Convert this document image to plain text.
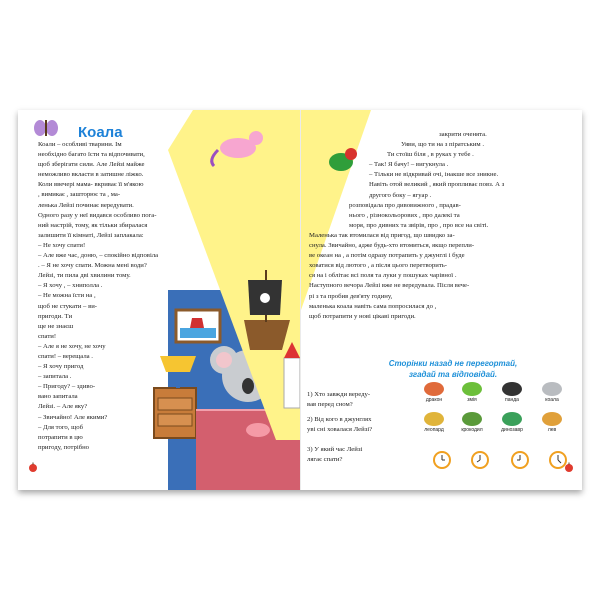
Коала
Коали – особливі тварини. Ім
необхідно багато їсти та відпочивати,
щоб зберігати сили. Але Лейзі майже
неможливо вкласти в затишне ліжко.
Коли ввечері мама- вкриває її м'якою
, вимикає , зашторює та , ма-
ленька Лейзі починає вередувати.
Одного разу у неї видався особливо пога-
ний настрій, тому, як тільки збиралася
залишити її кімнаті, Лейзі заплакала:
– Не хочу спати!
– Але вже час, доню, – спокійно відповіла
. – Я не хочу спати. Можна мені води?
Лейзі, ти пила дві хвилини тому.
– Я хочу , – хниполла .
– Не можна їсти на ,
щоб не стукати – ви-
пригоди. Ти
ще не знаєш
спати!
– Але я не хочу, не хочу
спати! – верещала .
– Я хочу пригод
– запитала .
– Пригоду? – здиво-
вано запитала
Лейзі. – Але яку?
– Звичайно! Але якими?
– Для того, щоб
потрапити в цю
пригоду, потрібно
закрити оченята.
Уяви, що ти на з піратським .
Ти стоїш біля , в руках у тебе .
– Так! Я бачу! – вигукнула .
– Тільки не відкривай очі, інакше все зникне.
Навіть отой великий , який пропливає повз. А з
другого боку – ягуар .
розповідала про дивовижного , прадав-
нього , різнокольорових , про далекі та
моря, про дивних та звірів, про , про все на світі.
Маленька так втомилася від пригод, що швидко за-
снула. Звичайно, адже будь-хто втомиться, якщо перепли-
ве океан на , а потім одразу потрапить у джунглі і буде
ховатися від лютого , а після цього перетворить-
ся на і облітає всі поля та луки у пошуках чарівної .
Наступного вечора Лейзі вже не вередувала. Після вече-
рі з та пробив дев'яту годину,
маленька коала навіть сама попросилася до ,
щоб потрапити у нові цікаві пригоди.
Сторінки назад не перегортай,
згадай та відповідай.
1) Хто завжди вереду-
вав перед сном?
2) Від кого в джунглях
уві сні ховалася Лейзі?
3) У який час Лейзі
лягає спати?
дракон	змія	панда	коала
леопард	крокодил	динозавр	лев
